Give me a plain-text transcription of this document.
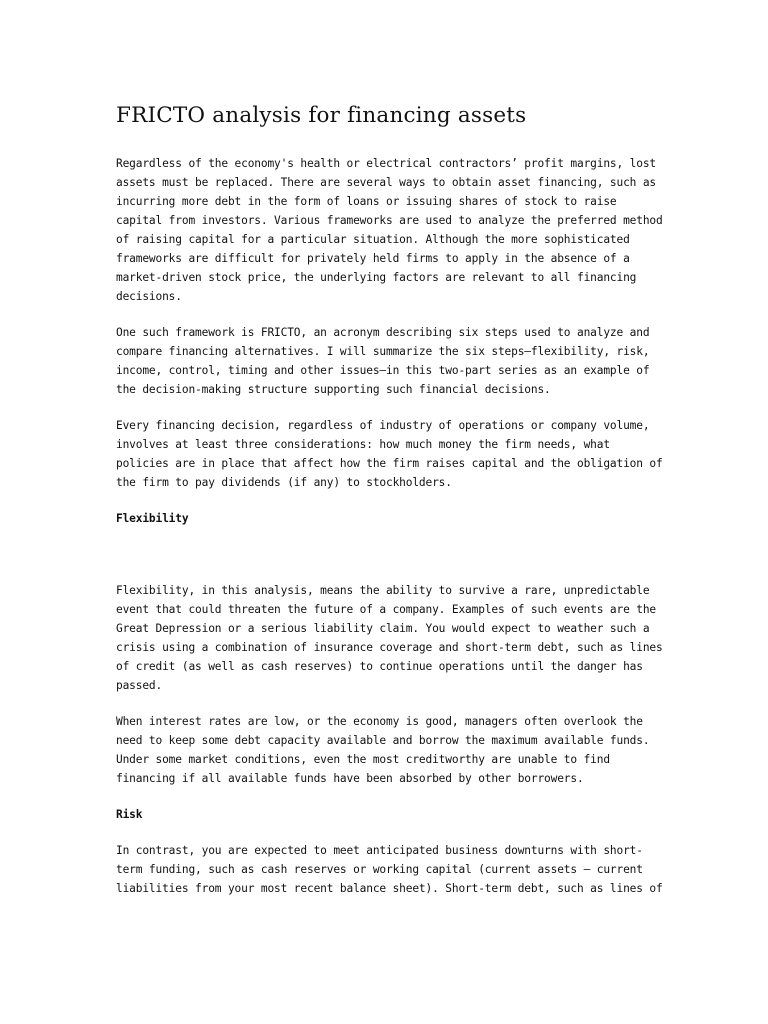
FRICTO analysis for financing assets

Regardless of the economy's health or electrical contractors’ profit margins, lost
assets must be replaced. There are several ways to obtain asset financing, such as
incurring more debt in the form of loans or issuing shares of stock to raise
capital from investors. Various frameworks are used to analyze the preferred method
of raising capital for a particular situation. Although the more sophisticated
frameworks are difficult for privately held firms to apply in the absence of a
market-driven stock price, the underlying factors are relevant to all financing
decisions.

One such framework is FRICTO, an acronym describing six steps used to analyze and
compare financing alternatives. I will summarize the six steps—flexibility, risk,
income, control, timing and other issues—in this two-part series as an example of
the decision-making structure supporting such financial decisions.

Every financing decision, regardless of industry of operations or company volume,
involves at least three considerations: how much money the firm needs, what
policies are in place that affect how the firm raises capital and the obligation of
the firm to pay dividends (if any) to stockholders.

Flexibility

Flexibility, in this analysis, means the ability to survive a rare, unpredictable
event that could threaten the future of a company. Examples of such events are the
Great Depression or a serious liability claim. You would expect to weather such a
crisis using a combination of insurance coverage and short-term debt, such as lines
of credit (as well as cash reserves) to continue operations until the danger has
passed.

When interest rates are low, or the economy is good, managers often overlook the
need to keep some debt capacity available and borrow the maximum available funds.
Under some market conditions, even the most creditworthy are unable to find
financing if all available funds have been absorbed by other borrowers.

Risk

In contrast, you are expected to meet anticipated business downturns with short-
term funding, such as cash reserves or working capital (current assets – current
liabilities from your most recent balance sheet). Short-term debt, such as lines of
